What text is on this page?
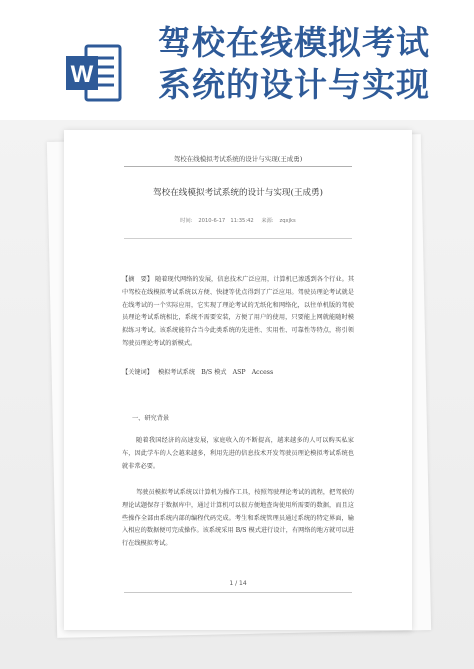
W
驾校在线模拟考试
系统的设计与实现
驾校在线模拟考试系统的设计与实现(王成勇)
驾校在线模拟考试系统的设计与实现(王成勇)
时间: 2010-6-17　11:35:42 来源: zqxjks
【摘　要】 随着现代网络的发展，信息技术广泛应用，计算机已渗透到各个行业。其中驾校在线模拟考试系统以方便、快捷等优点得到了广泛应用。驾驶员理论考试就是在线考试的一个实际应用，它实现了理论考试的无纸化和网络化，以往单机版的驾驶员理论考试系统相比，系统不需要安装，方便了用户的使用，只要能上网就能随时模拟练习考试。该系统能符合当今此类系统的先进性、实用性、可靠性等特点，将引领驾驶员理论考试的新模式。
【关键词】 模拟考试系统　B/S 模式　ASP　Access
一、研究背景
随着我国经济的高速发展，家庭收入的不断提高，越来越多的人可以购买私家车，因此学车的人会越来越多，利用先进的信息技术开发驾驶员理论模拟考试系统也就非常必要。
驾驶员模拟考试系统以计算机为操作工具，按照驾驶理论考试的流程，把驾驶的理论试题保存于数据库中，通过计算机可以很方便地查询使用所需要的数据，而且这些操作全部由系统内部的编程代码完成。考生和系统管理员通过系统的特定界面，输入相应的数据便可完成操作。该系统采用 B/S 模式进行设计，有网络的地方就可以进行在线模拟考试。
1 / 14
